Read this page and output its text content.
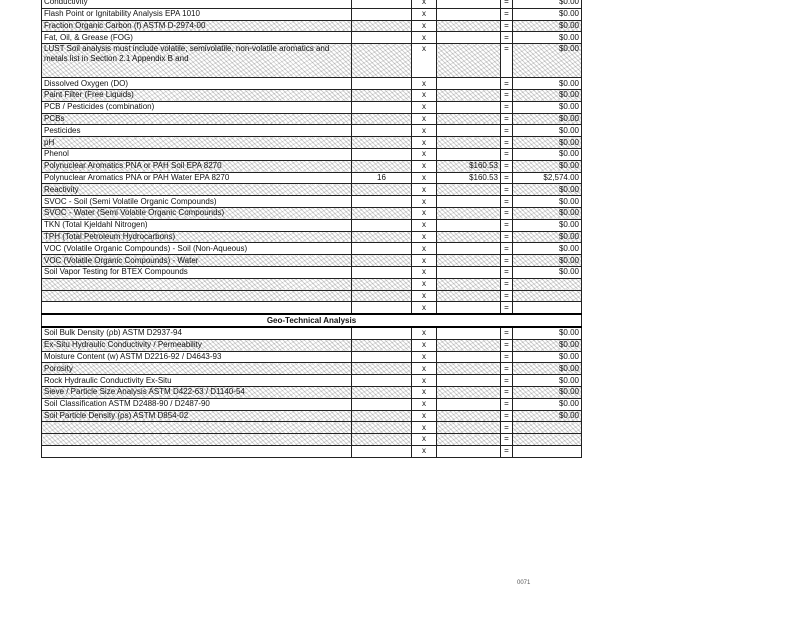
Conductivity		x		=	$0.00
Flash Point or Ignitability Analysis EPA 1010		x		=	$0.00
Fraction Organic Carbon (f) ASTM D-2974-00		x		=	$0.00
Fat, Oil, & Grease (FOG)		x		=	$0.00
LUST Soil analysis must include volatile, semivolatile, non-volatile aromatics and metals list in Section 2.1 Appendix B and		x		=	$0.00
Dissolved Oxygen (DO)		x		=	$0.00
Paint Filter (Free Liquids)		x		=	$0.00
PCB / Pesticides (combination)		x		=	$0.00
PCBs		x		=	$0.00
Pesticides		x		=	$0.00
pH		x		=	$0.00
Phenol		x		=	$0.00
Polynuclear Aromatics PNA or PAH Soil EPA 8270		x	$160.53	=	$0.00
Polynuclear Aromatics PNA or PAH Water EPA 8270	16	x	$160.53	=	$2,574.00
Reactivity		x		=	$0.00
SVOC - Soil (Semi Volatile Organic Compounds)		x		=	$0.00
SVOC - Water (Semi Volatile Organic Compounds)		x		=	$0.00
TKN (Total Kjeldahl Nitrogen)		x		=	$0.00
TPH (Total Petroleum Hydrocarbons)		x		=	$0.00
VOC (Volatile Organic Compounds) - Soil (Non-Aqueous)		x		=	$0.00
VOC (Volatile Organic Compounds) - Water		x		=	$0.00
Soil Vapor Testing for BTEX Compounds		x		=	$0.00
		x		=	
		x		=	
		x		=	
Geo-Technical Analysis					
Soil Bulk Density (ρb) ASTM D2937-94		x		=	$0.00
Ex-Situ Hydraulic Conductivity / Permeability		x		=	$0.00
Moisture Content (w) ASTM D2216-92 / D4643-93		x		=	$0.00
Porosity		x		=	$0.00
Rock Hydraulic Conductivity Ex-Situ		x		=	$0.00
Sieve / Particle Size Analysis ASTM D422-63 / D1140-54		x		=	$0.00
Soil Classification ASTM D2488-90 / D2487-90		x		=	$0.00
Soil Particle Density (ρs) ASTM D854-02		x		=	$0.00
		x		=	
		x		=	
		x		=	
0071
